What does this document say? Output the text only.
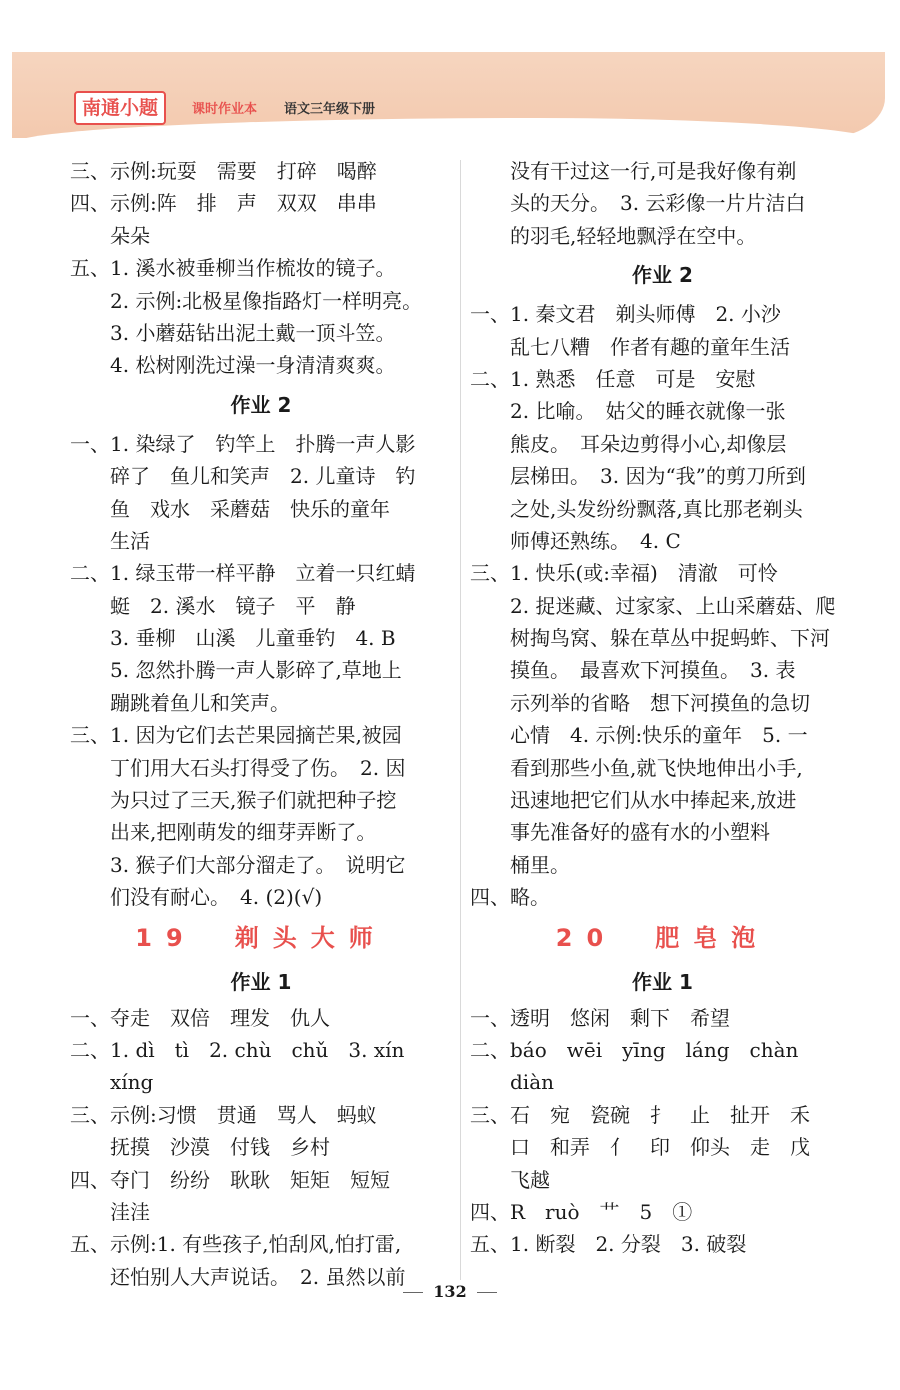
南通小题	课时作业本 语文三年级下册
三、示例:玩耍　需要　打碎　喝醉
四、示例:阵　排　声　双双　串串
朵朵
五、1. 溪水被垂柳当作梳妆的镜子。
2. 示例:北极星像指路灯一样明亮。
3. 小蘑菇钻出泥土戴一顶斗笠。
4. 松树刚洗过澡一身清清爽爽。
作业 2
一、1. 染绿了　钓竿上　扑腾一声人影
碎了　鱼儿和笑声　2. 儿童诗　钓
鱼　戏水　采蘑菇　快乐的童年
生活
二、1. 绿玉带一样平静　立着一只红蜻
蜓　2. 溪水　镜子　平　静
3. 垂柳　山溪　儿童垂钓　4. B
5. 忽然扑腾一声人影碎了,草地上
蹦跳着鱼儿和笑声。
三、1. 因为它们去芒果园摘芒果,被园
丁们用大石头打得受了伤。　2. 因
为只过了三天,猴子们就把种子挖
出来,把刚萌发的细芽弄断了。
3. 猴子们大部分溜走了。　说明它
们没有耐心。　4. (2)(√)
19　剃头大师
作业 1
一、夺走　双倍　理发　仇人
二、1. dì　tì　2. chù　chǔ　3. xín
xíng
三、示例:习惯　贯通　骂人　蚂蚁
抚摸　沙漠　付钱　乡村
四、夺门　纷纷　耿耿　矩矩　短短
洼洼
五、示例:1. 有些孩子,怕刮风,怕打雷,
还怕别人大声说话。　2. 虽然以前
没有干过这一行,可是我好像有剃
头的天分。　3. 云彩像一片片洁白
的羽毛,轻轻地飘浮在空中。
作业 2
一、1. 秦文君　剃头师傅　2. 小沙
乱七八糟　作者有趣的童年生活
二、1. 熟悉　任意　可是　安慰
2. 比喻。　姑父的睡衣就像一张
熊皮。　耳朵边剪得小心,却像层
层梯田。　3. 因为“我”的剪刀所到
之处,头发纷纷飘落,真比那老剃头
师傅还熟练。　4. C
三、1. 快乐(或:幸福)　清澈　可怜
2. 捉迷藏、过家家、上山采蘑菇、爬
树掏鸟窝、躲在草丛中捉蚂蚱、下河
摸鱼。　最喜欢下河摸鱼。　3. 表
示列举的省略　想下河摸鱼的急切
心情　4. 示例:快乐的童年　5. 一
看到那些小鱼,就飞快地伸出小手,
迅速地把它们从水中捧起来,放进
事先准备好的盛有水的小塑料
桶里。
四、略。
20　肥皂泡
作业 1
一、透明　悠闲　剩下　希望
二、báo　wēi　yīng　láng　chàn
diàn
三、石　宛　瓷碗　扌　止　扯开　禾
口　和弄　亻　印　仰头　走　戊
飞越
四、R　ruò　艹　5　①
五、1. 断裂　2. 分裂　3. 破裂
132
